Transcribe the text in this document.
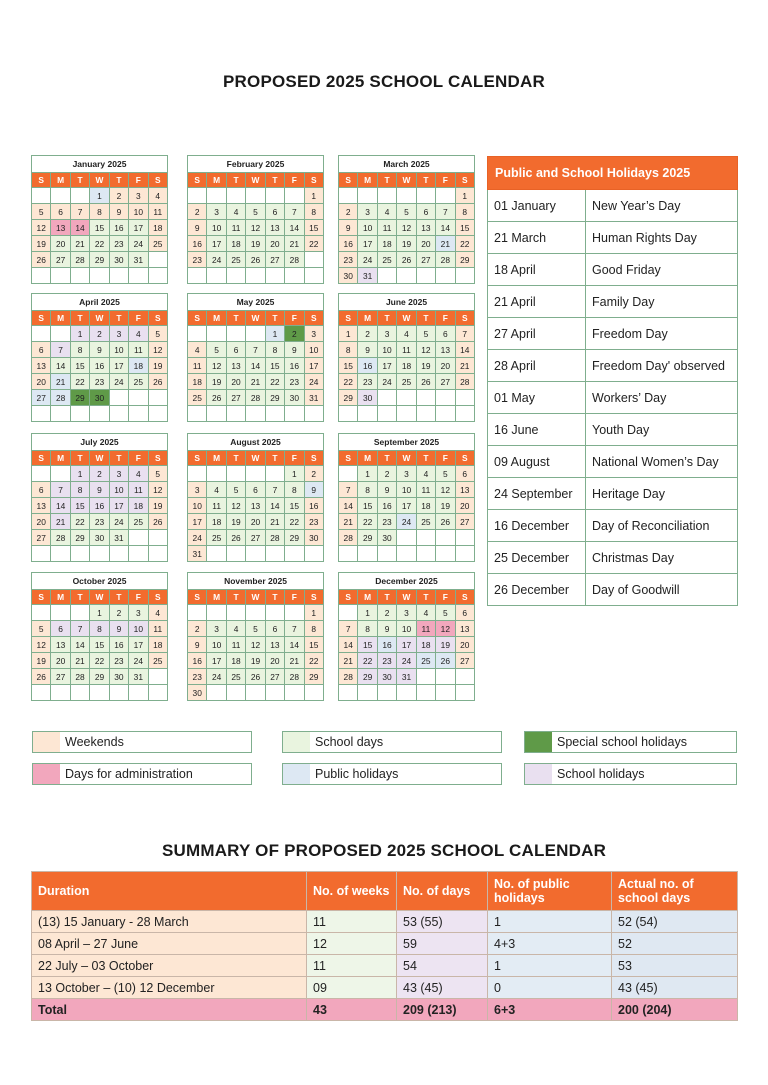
PROPOSED 2025 SCHOOL CALENDAR
January 2025
S	M	T	W	T	F	S
			1	2	3	4
5	6	7	8	9	10	11
12	13	14	15	16	17	18
19	20	21	22	23	24	25
26	27	28	29	30	31	

February 2025
S	M	T	W	T	F	S
						1
2	3	4	5	6	7	8
9	10	11	12	13	14	15
16	17	18	19	20	21	22
23	24	25	26	27	28	

March 2025
S	M	T	W	T	F	S
						1
2	3	4	5	6	7	8
9	10	11	12	13	14	15
16	17	18	19	20	21	22
23	24	25	26	27	28	29
30	31					
April 2025
S	M	T	W	T	F	S
		1	2	3	4	5
6	7	8	9	10	11	12
13	14	15	16	17	18	19
20	21	22	23	24	25	26
27	28	29	30			

May 2025
S	M	T	W	T	F	S
				1	2	3
4	5	6	7	8	9	10
11	12	13	14	15	16	17
18	19	20	21	22	23	24
25	26	27	28	29	30	31

June 2025
S	M	T	W	T	F	S
1	2	3	4	5	6	7
8	9	10	11	12	13	14
15	16	17	18	19	20	21
22	23	24	25	26	27	28
29	30					

July 2025
S	M	T	W	T	F	S
		1	2	3	4	5
6	7	8	9	10	11	12
13	14	15	16	17	18	19
20	21	22	23	24	25	26
27	28	29	30	31		

August 2025
S	M	T	W	T	F	S
					1	2
3	4	5	6	7	8	9
10	11	12	13	14	15	16
17	18	19	20	21	22	23
24	25	26	27	28	29	30
31						
September 2025
S	M	T	W	T	F	S
	1	2	3	4	5	6
7	8	9	10	11	12	13
14	15	16	17	18	19	20
21	22	23	24	25	26	27
28	29	30				

October 2025
S	M	T	W	T	F	S
			1	2	3	4
5	6	7	8	9	10	11
12	13	14	15	16	17	18
19	20	21	22	23	24	25
26	27	28	29	30	31	

November 2025
S	M	T	W	T	F	S
						1
2	3	4	5	6	7	8
9	10	11	12	13	14	15
16	17	18	19	20	21	22
23	24	25	26	27	28	29
30						
December 2025
S	M	T	W	T	F	S
	1	2	3	4	5	6
7	8	9	10	11	12	13
14	15	16	17	18	19	20
21	22	23	24	25	26	27
28	29	30	31			

Public and School Holidays 2025	
01 January	New Year’s Day
21 March	Human Rights Day
18 April	Good Friday
21 April	Family Day
27 April	Freedom Day
28 April	Freedom Day' observed
01 May	Workers’ Day
16 June	Youth Day
09 August	National Women’s Day
24 September	Heritage Day
16 December	Day of Reconciliation
25 December	Christmas Day
26 December	Day of Goodwill
Weekends	School days	Special school holidays
Days for administration	Public holidays	School holidays
SUMMARY OF PROPOSED 2025 SCHOOL CALENDAR
Duration	No. of weeks	No. of days	No. of public holidays	Actual no. of school days
(13) 15 January - 28 March	11	53 (55)	1	52 (54)
08 April – 27 June	12	59	4+3	52
22 July – 03 October	11	54	1	53
13 October – (10) 12 December	09	43 (45)	0	43 (45)
Total	43	209 (213)	6+3	200 (204)
